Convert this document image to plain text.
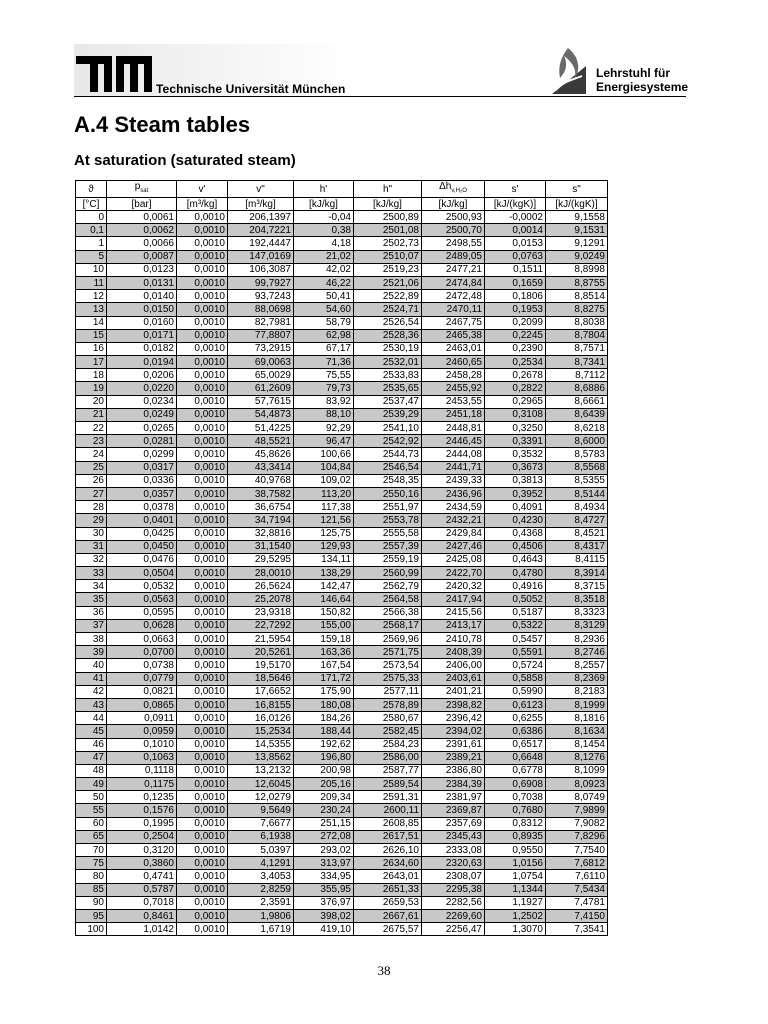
Technische Universität München
Lehrstuhl für
Energiesysteme
A.4 Steam tables
At saturation (saturated steam)
ϑ	$p_{sat}$	v'	v"	h'	h"	$\Delta h_{v,H_2O}$	s'	s"
[°C]	[bar]	[m³/kg]	[m³/kg]	[kJ/kg]	[kJ/kg]	[kJ/kg]	[kJ/(kgK)]	[kJ/(kgK)]
0	0,0061	0,0010	206,1397	-0,04	2500,89	2500,93	-0,0002	9,1558
0,1	0,0062	0,0010	204,7221	0,38	2501,08	2500,70	0,0014	9,1531
1	0,0066	0,0010	192,4447	4,18	2502,73	2498,55	0,0153	9,1291
5	0,0087	0,0010	147,0169	21,02	2510,07	2489,05	0,0763	9,0249
10	0,0123	0,0010	106,3087	42,02	2519,23	2477,21	0,1511	8,8998
11	0,0131	0,0010	99,7927	46,22	2521,06	2474,84	0,1659	8,8755
12	0,0140	0,0010	93,7243	50,41	2522,89	2472,48	0,1806	8,8514
13	0,0150	0,0010	88,0698	54,60	2524,71	2470,11	0,1953	8,8275
14	0,0160	0,0010	82,7981	58,79	2526,54	2467,75	0,2099	8,8038
15	0,0171	0,0010	77,8807	62,98	2528,36	2465,38	0,2245	8,7804
16	0,0182	0,0010	73,2915	67,17	2530,19	2463,01	0,2390	8,7571
17	0,0194	0,0010	69,0063	71,36	2532,01	2460,65	0,2534	8,7341
18	0,0206	0,0010	65,0029	75,55	2533,83	2458,28	0,2678	8,7112
19	0,0220	0,0010	61,2609	79,73	2535,65	2455,92	0,2822	8,6886
20	0,0234	0,0010	57,7615	83,92	2537,47	2453,55	0,2965	8,6661
21	0,0249	0,0010	54,4873	88,10	2539,29	2451,18	0,3108	8,6439
22	0,0265	0,0010	51,4225	92,29	2541,10	2448,81	0,3250	8,6218
23	0,0281	0,0010	48,5521	96,47	2542,92	2446,45	0,3391	8,6000
24	0,0299	0,0010	45,8626	100,66	2544,73	2444,08	0,3532	8,5783
25	0,0317	0,0010	43,3414	104,84	2546,54	2441,71	0,3673	8,5568
26	0,0336	0,0010	40,9768	109,02	2548,35	2439,33	0,3813	8,5355
27	0,0357	0,0010	38,7582	113,20	2550,16	2436,96	0,3952	8,5144
28	0,0378	0,0010	36,6754	117,38	2551,97	2434,59	0,4091	8,4934
29	0,0401	0,0010	34,7194	121,56	2553,78	2432,21	0,4230	8,4727
30	0,0425	0,0010	32,8816	125,75	2555,58	2429,84	0,4368	8,4521
31	0,0450	0,0010	31,1540	129,93	2557,39	2427,46	0,4506	8,4317
32	0,0476	0,0010	29,5295	134,11	2559,19	2425,08	0,4643	8,4115
33	0,0504	0,0010	28,0010	138,29	2560,99	2422,70	0,4780	8,3914
34	0,0532	0,0010	26,5624	142,47	2562,79	2420,32	0,4916	8,3715
35	0,0563	0,0010	25,2078	146,64	2564,58	2417,94	0,5052	8,3518
36	0,0595	0,0010	23,9318	150,82	2566,38	2415,56	0,5187	8,3323
37	0,0628	0,0010	22,7292	155,00	2568,17	2413,17	0,5322	8,3129
38	0,0663	0,0010	21,5954	159,18	2569,96	2410,78	0,5457	8,2936
39	0,0700	0,0010	20,5261	163,36	2571,75	2408,39	0,5591	8,2746
40	0,0738	0,0010	19,5170	167,54	2573,54	2406,00	0,5724	8,2557
41	0,0779	0,0010	18,5646	171,72	2575,33	2403,61	0,5858	8,2369
42	0,0821	0,0010	17,6652	175,90	2577,11	2401,21	0,5990	8,2183
43	0,0865	0,0010	16,8155	180,08	2578,89	2398,82	0,6123	8,1999
44	0,0911	0,0010	16,0126	184,26	2580,67	2396,42	0,6255	8,1816
45	0,0959	0,0010	15,2534	188,44	2582,45	2394,02	0,6386	8,1634
46	0,1010	0,0010	14,5355	192,62	2584,23	2391,61	0,6517	8,1454
47	0,1063	0,0010	13,8562	196,80	2586,00	2389,21	0,6648	8,1276
48	0,1118	0,0010	13,2132	200,98	2587,77	2386,80	0,6778	8,1099
49	0,1175	0,0010	12,6045	205,16	2589,54	2384,39	0,6908	8,0923
50	0,1235	0,0010	12,0279	209,34	2591,31	2381,97	0,7038	8,0749
55	0,1576	0,0010	9,5649	230,24	2600,11	2369,87	0,7680	7,9899
60	0,1995	0,0010	7,6677	251,15	2608,85	2357,69	0,8312	7,9082
65	0,2504	0,0010	6,1938	272,08	2617,51	2345,43	0,8935	7,8296
70	0,3120	0,0010	5,0397	293,02	2626,10	2333,08	0,9550	7,7540
75	0,3860	0,0010	4,1291	313,97	2634,60	2320,63	1,0156	7,6812
80	0,4741	0,0010	3,4053	334,95	2643,01	2308,07	1,0754	7,6110
85	0,5787	0,0010	2,8259	355,95	2651,33	2295,38	1,1344	7,5434
90	0,7018	0,0010	2,3591	376,97	2659,53	2282,56	1,1927	7,4781
95	0,8461	0,0010	1,9806	398,02	2667,61	2269,60	1,2502	7,4150
100	1,0142	0,0010	1,6719	419,10	2675,57	2256,47	1,3070	7,3541
38
